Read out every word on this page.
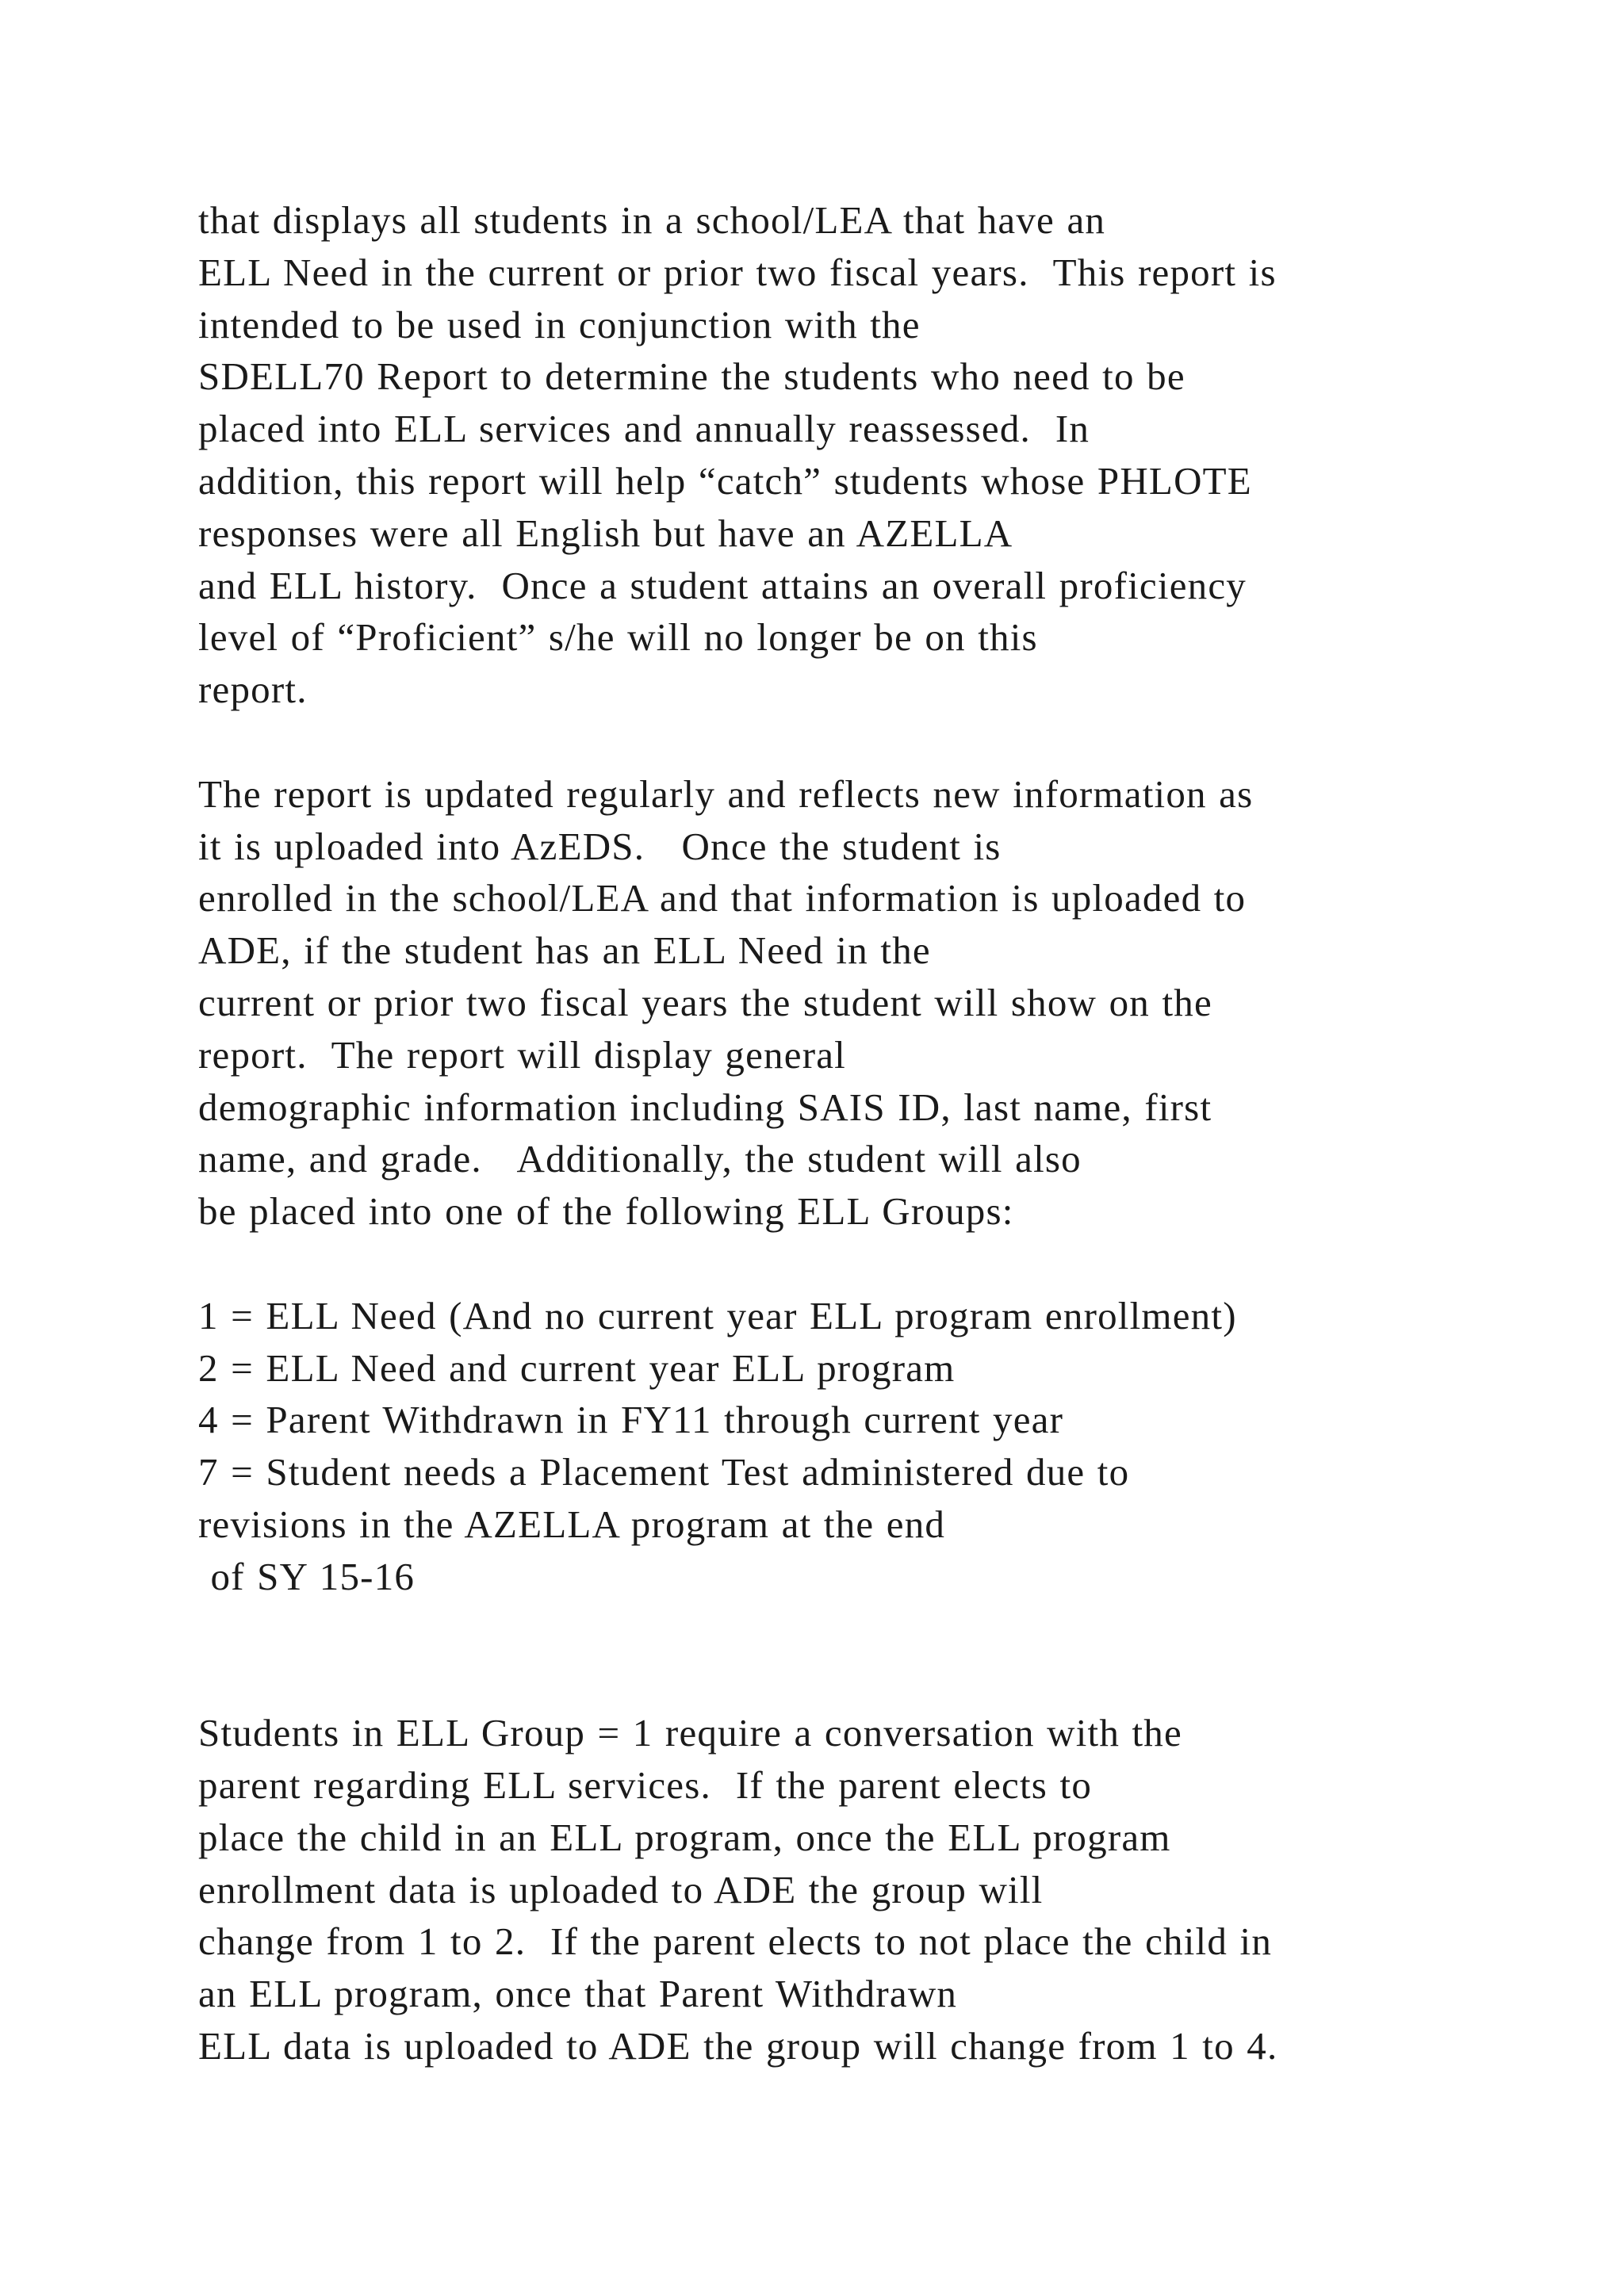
that displays all students in a school/LEA that have an
ELL Need in the current or prior two fiscal years.  This report is
intended to be used in conjunction with the
SDELL70 Report to determine the students who need to be
placed into ELL services and annually reassessed.  In
addition, this report will help “catch” students whose PHLOTE
responses were all English but have an AZELLA
and ELL history.  Once a student attains an overall proficiency
level of “Proficient” s/he will no longer be on this
report.
The report is updated regularly and reflects new information as
it is uploaded into AzEDS.   Once the student is
enrolled in the school/LEA and that information is uploaded to
ADE, if the student has an ELL Need in the
current or prior two fiscal years the student will show on the
report.  The report will display general
demographic information including SAIS ID, last name, first
name, and grade.   Additionally, the student will also
be placed into one of the following ELL Groups:
1 = ELL Need (And no current year ELL program enrollment)
2 = ELL Need and current year ELL program
4 = Parent Withdrawn in FY11 through current year
7 = Student needs a Placement Test administered due to
revisions in the AZELLA program at the end
of SY 15-16
Students in ELL Group = 1 require a conversation with the
parent regarding ELL services.  If the parent elects to
place the child in an ELL program, once the ELL program
enrollment data is uploaded to ADE the group will
change from 1 to 2.  If the parent elects to not place the child in
an ELL program, once that Parent Withdrawn
ELL data is uploaded to ADE the group will change from 1 to 4.
